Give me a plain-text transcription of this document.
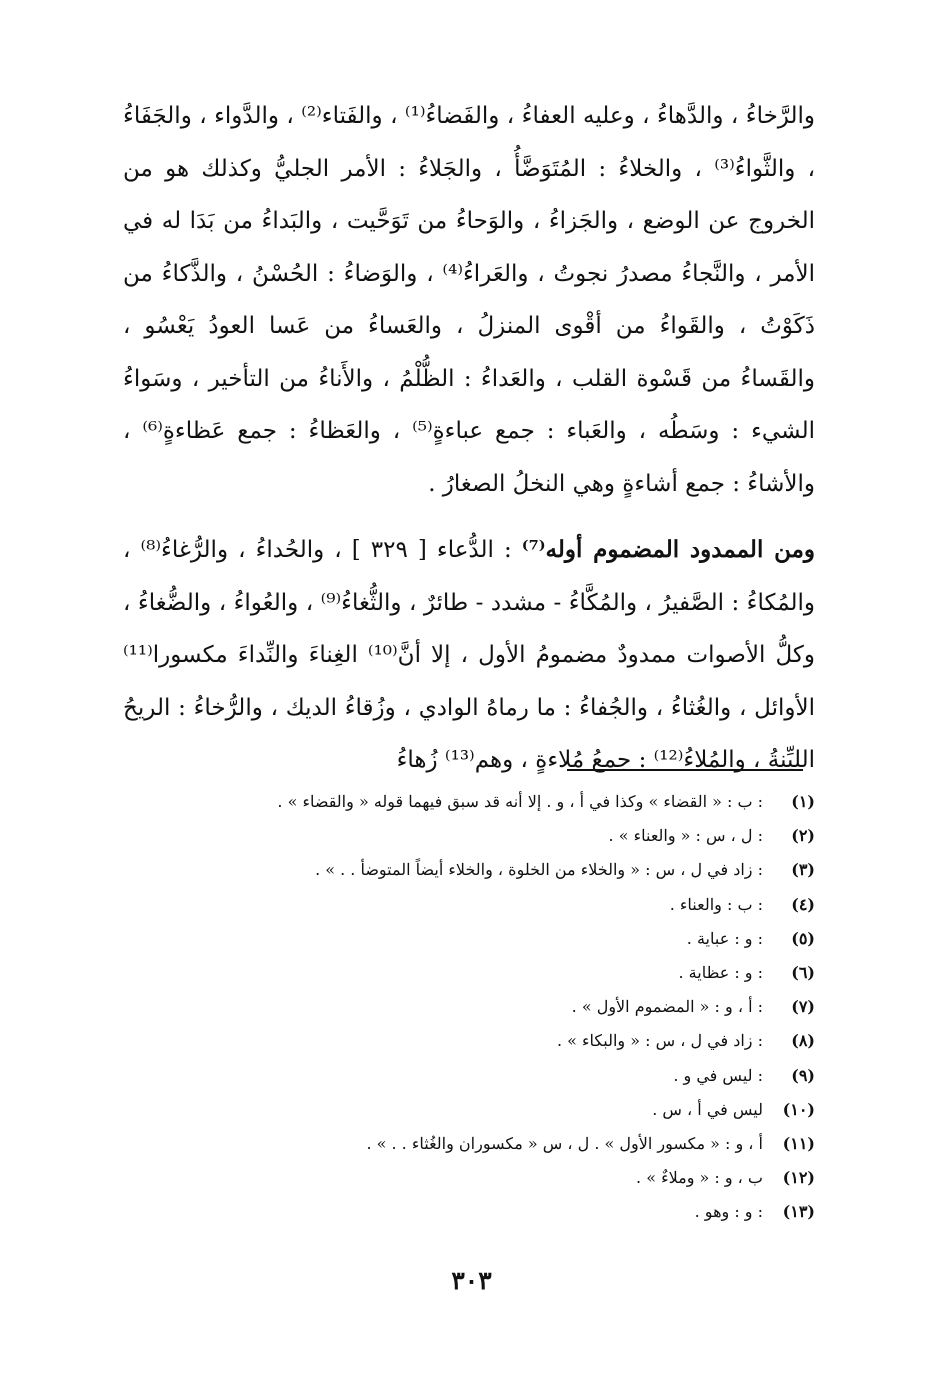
والرَّخاءُ ، والدَّهاءُ ، وعليه العفاءُ ، والفَضاءُ⁽¹⁾ ، والفَتاء⁽²⁾ ، والدَّواء ، والجَفَاءُ ، والثَّواءُ⁽³⁾ ، والخلاءُ : المُتَوَضَّأُ ، والجَلاءُ : الأمر الجليُّ وكذلك هو من الخروج عن الوضع ، والجَزاءُ ، والوَحاءُ من تَوَحَّيت ، والبَداءُ من بَدَا له في الأمر ، والنَّجاءُ مصدرُ نجوتُ ، والعَراءُ⁽⁴⁾ ، والوَضاءُ : الحُسْنُ ، والذَّكاءُ من ذَكَوْتُ ، والقَواءُ من أقْوى المنزلُ ، والعَساءُ من عَسا العودُ يَعْسُو ، والقَساءُ من قَسْوة القلب ، والعَداءُ : الظُّلْمُ ، والأَناءُ من التأخير ، وسَواءُ الشيء : وسَطُه ، والعَباء : جمع عباءةٍ⁽⁵⁾ ، والعَظاءُ : جمع عَظاءةٍ⁽⁶⁾ ، والأشاءُ : جمع أشاءةٍ وهي النخلُ الصغارُ .

ومن الممدود المضموم أوله⁽⁷⁾ : الدُّعاء [ ٣٢٩ ] ، والحُداءُ ، والرُّغاءُ⁽⁸⁾ ، والمُكاءُ : الصَّفيرُ ، والمُكَّاءُ - مشدد - طائرٌ ، والثُّغاءُ⁽⁹⁾ ، والعُواءُ ، والضُّغاءُ ، وكلُّ الأصوات ممدودٌ مضمومُ الأول ، إلا أنَّ⁽¹⁰⁾ الغِناءَ والنِّداءَ مكسورا⁽¹¹⁾ الأوائل ، والغُثاءُ ، والجُفاءُ : ما رماهُ الوادي ، وزُقاءُ الديك ، والرُّخاءُ : الريحُ الليِّنةُ ، والمُلاءُ⁽¹²⁾ : جمعُ مُلاءةٍ ، وهم⁽¹³⁾ زُهاءُ

(١)
: ب : « القضاء » وكذا في أ ، و . إلا أنه قد سبق فيهما قوله « والقضاء » .
(٢)
: ل ، س : « والعناء » .
(٣)
: زاد في ل ، س : « والخلاء من الخلوة ، والخلاء أيضاً المتوضأ . . » .
(٤)
: ب : والعناء .
(٥)
: و : عباية .
(٦)
: و : عظاية .
(٧)
: أ ، و : « المضموم الأول » .
(٨)
: زاد في ل ، س : « والبكاء » .
(٩)
: ليس في و .
(١٠)
ليس في أ ، س .
(١١)
أ ، و : « مكسور الأول » . ل ، س « مكسوران والغُثاء . . » .
(١٢)
ب ، و : « وملاءٌ » .
(١٣)
: و : وهو .
٣٠٣
